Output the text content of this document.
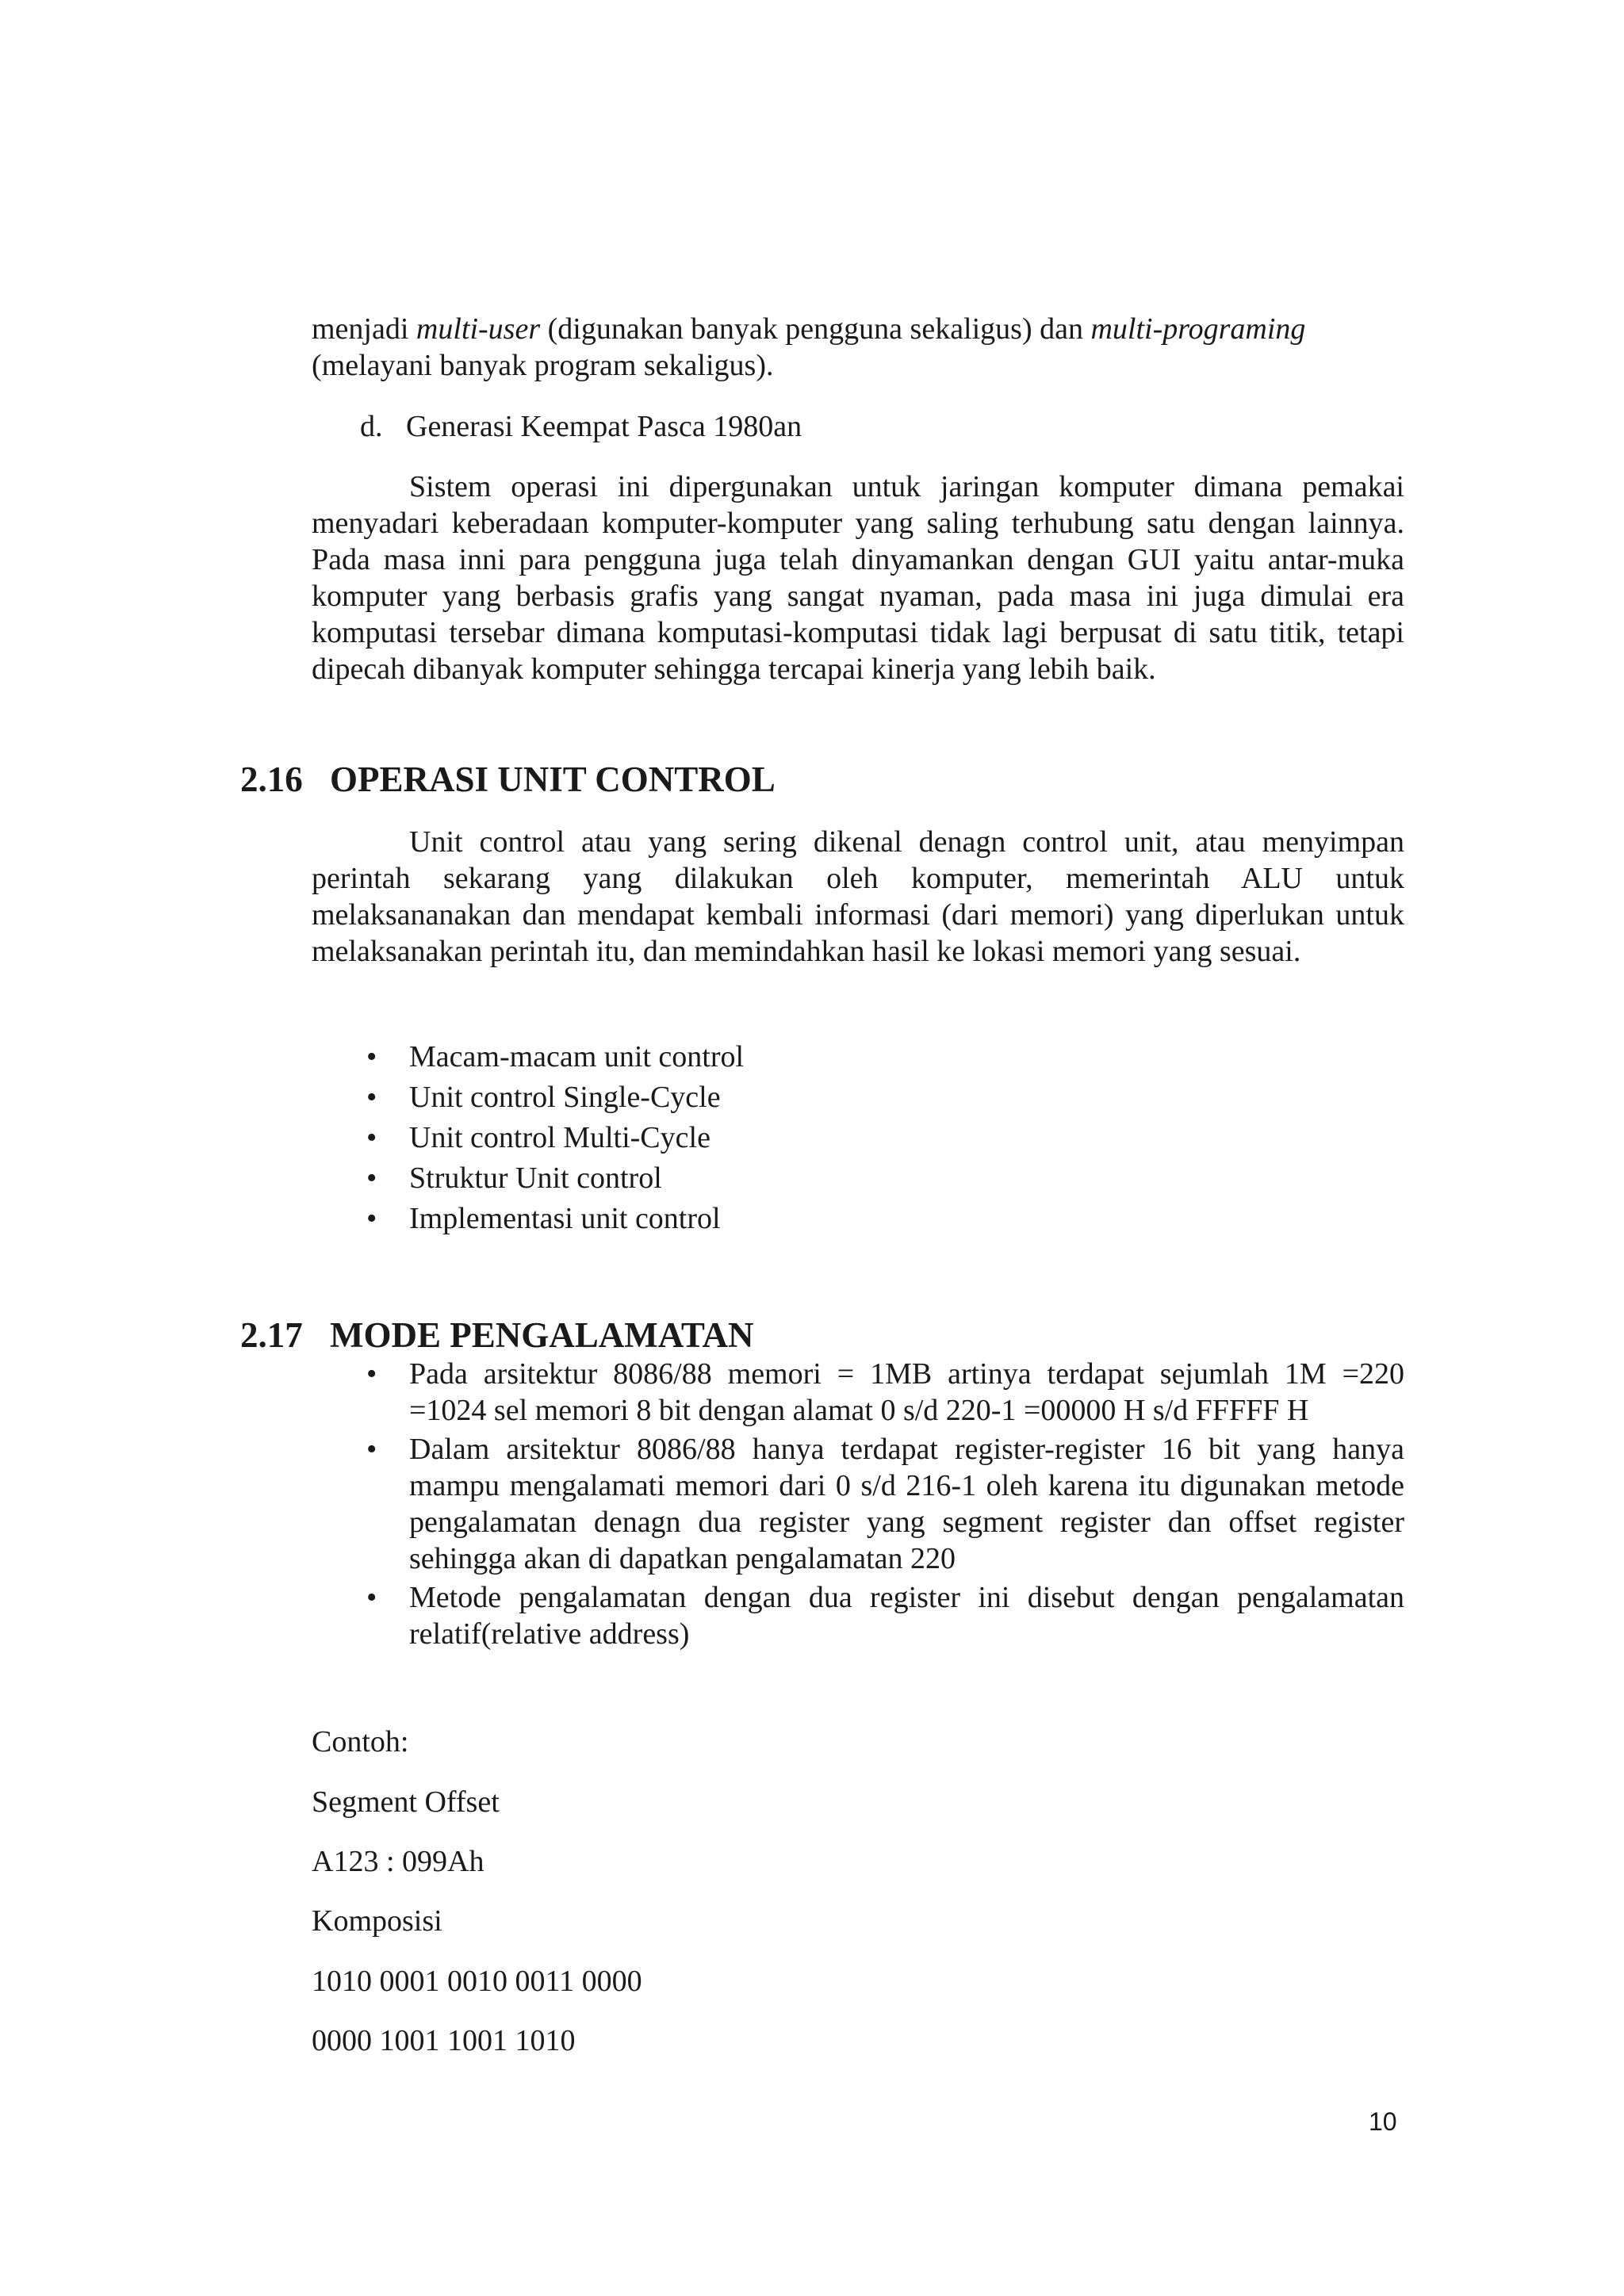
menjadi multi-user (digunakan banyak pengguna sekaligus) dan multi-programing
(melayani banyak program sekaligus).
d. Generasi Keempat Pasca 1980an
Sistem operasi ini dipergunakan untuk jaringan komputer dimana pemakai menyadari keberadaan komputer-komputer yang saling terhubung satu dengan lainnya. Pada masa inni para pengguna juga telah dinyamankan dengan GUI yaitu antar-muka komputer yang berbasis grafis yang sangat nyaman, pada masa ini juga dimulai era komputasi tersebar dimana komputasi-komputasi tidak lagi berpusat di satu titik, tetapi dipecah dibanyak komputer sehingga tercapai kinerja yang lebih baik.
2.16 OPERASI UNIT CONTROL
Unit control atau yang sering dikenal denagn control unit, atau menyimpan perintah sekarang yang dilakukan oleh komputer, memerintah ALU untuk melaksananakan dan mendapat kembali informasi (dari memori) yang diperlukan untuk melaksanakan perintah itu, dan memindahkan hasil ke lokasi memori yang sesuai.
• Macam-macam unit control
• Unit control Single-Cycle
• Unit control Multi-Cycle
• Struktur Unit control
• Implementasi unit control
2.17 MODE PENGALAMATAN
• Pada arsitektur 8086/88 memori = 1MB artinya terdapat sejumlah 1M =220 =1024 sel memori 8 bit dengan alamat 0 s/d 220-1 =00000 H s/d FFFFF H
• Dalam arsitektur 8086/88 hanya terdapat register-register 16 bit yang hanya mampu mengalamati memori dari 0 s/d 216-1 oleh karena itu digunakan metode pengalamatan denagn dua register yang segment register dan offset register sehingga akan di dapatkan pengalamatan 220
• Metode pengalamatan dengan dua register ini disebut dengan pengalamatan relatif(relative address)
Contoh:
Segment Offset
A123 : 099Ah
Komposisi
1010 0001 0010 0011 0000
0000 1001 1001 1010
10
